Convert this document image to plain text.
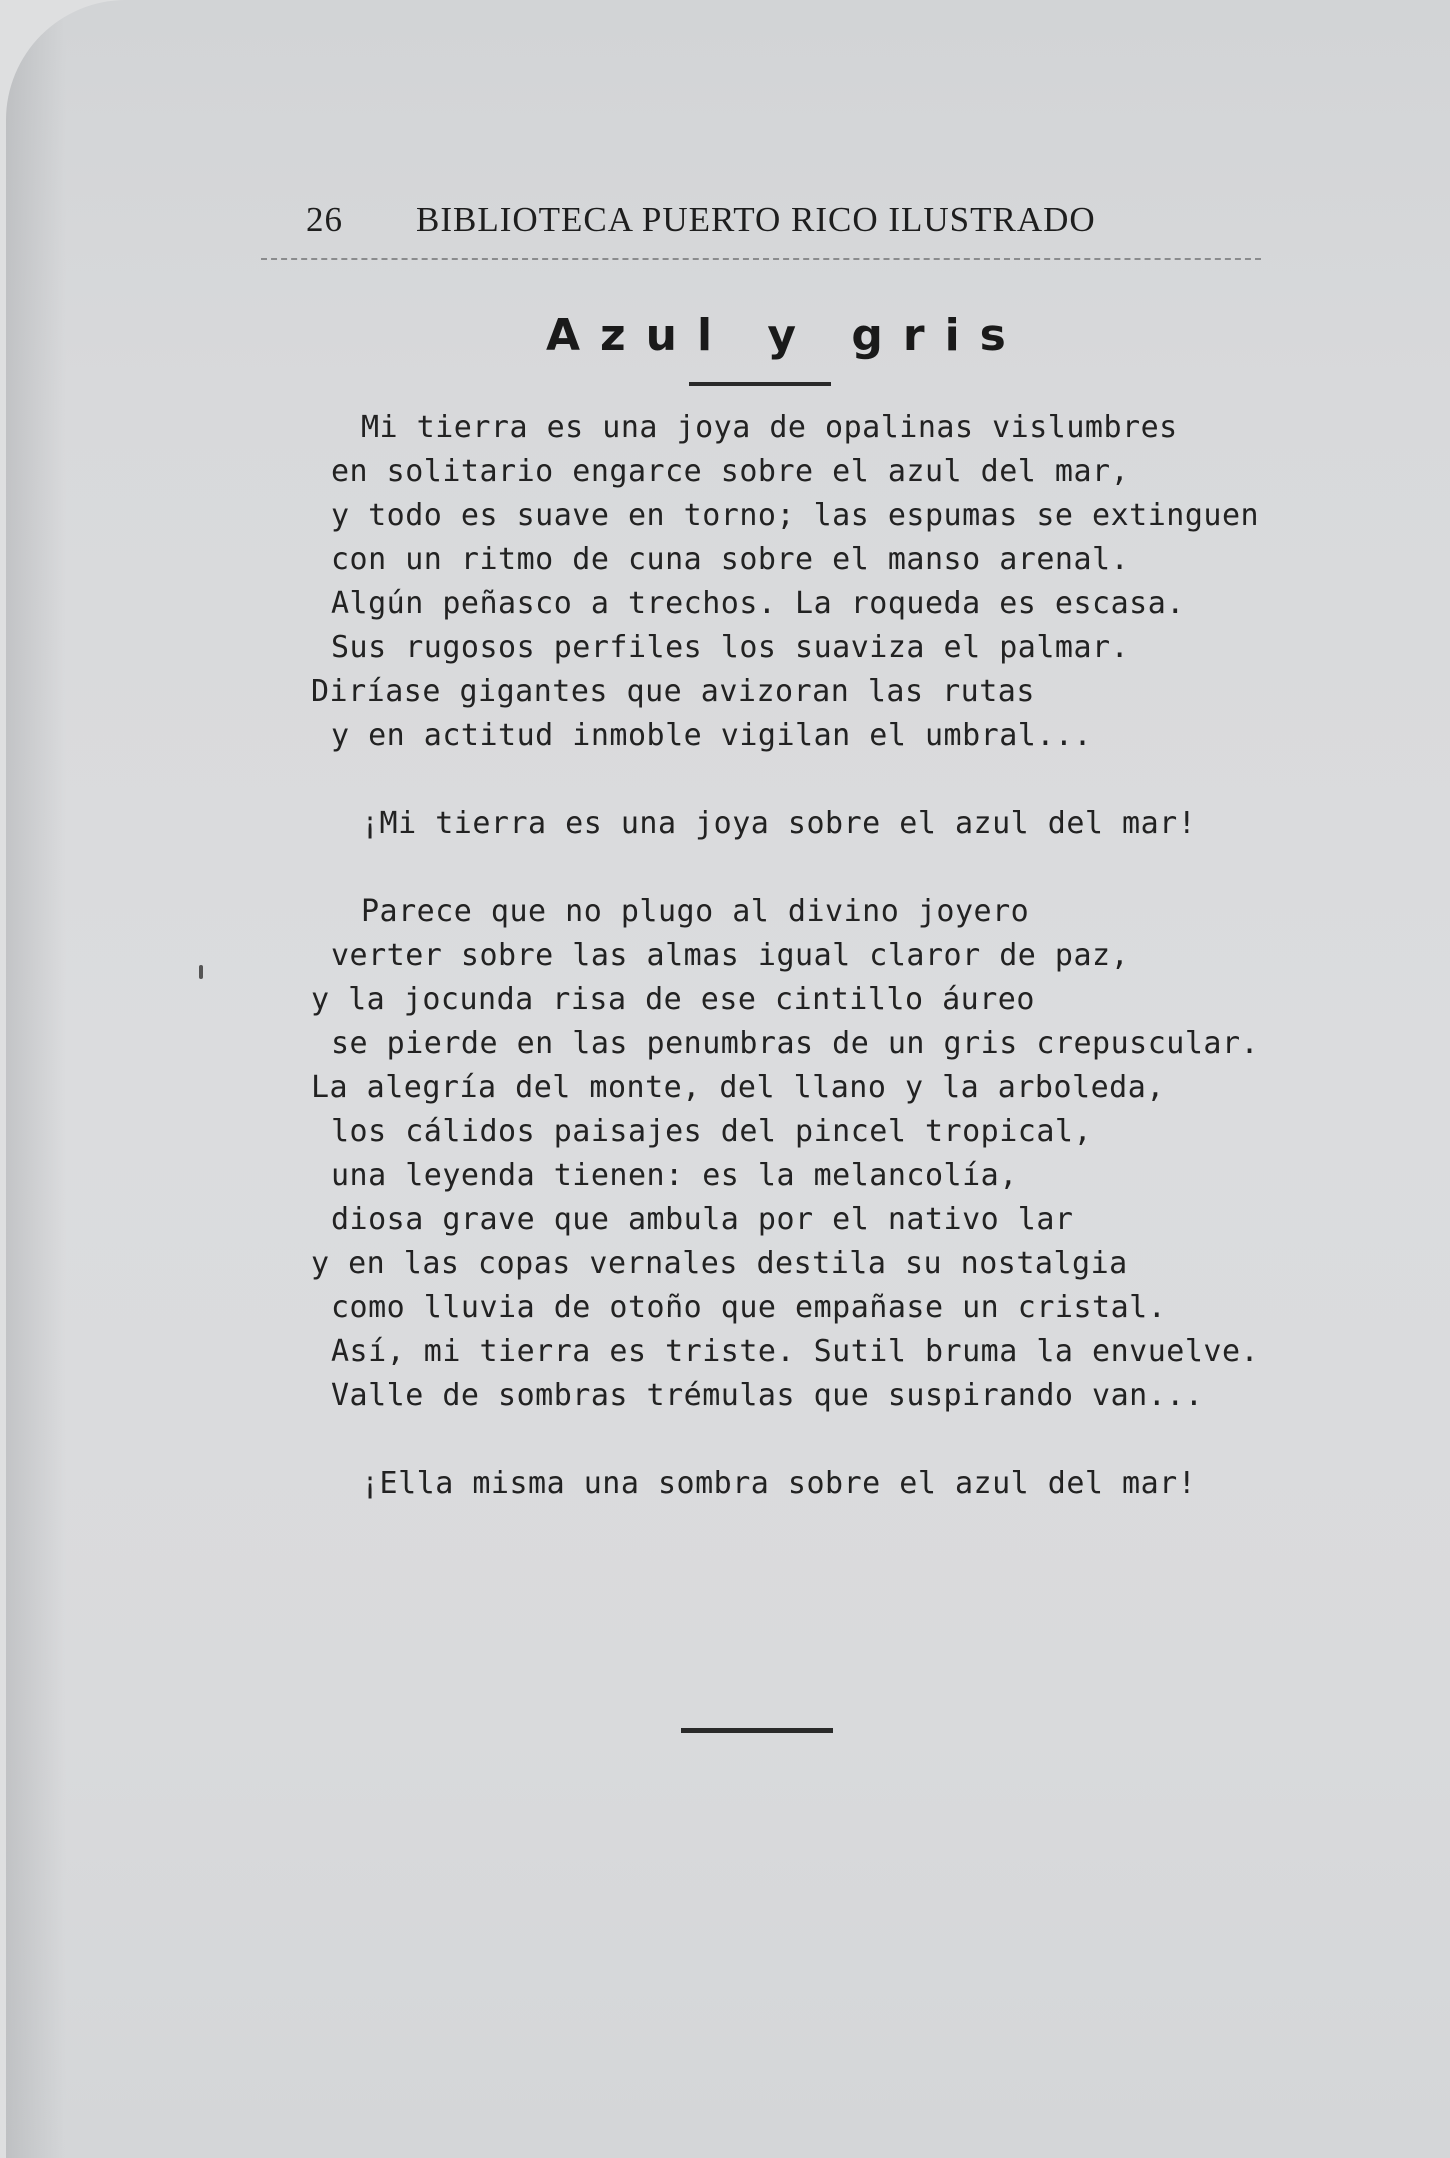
26 BIBLIOTECA PUERTO RICO ILUSTRADO
Azul y gris
Mi tierra es una joya de opalinas vislumbres
en solitario engarce sobre el azul del mar,
y todo es suave en torno; las espumas se extinguen
con un ritmo de cuna sobre el manso arenal.
Algún peñasco a trechos. La roqueda es escasa.
Sus rugosos perfiles los suaviza el palmar.
Diríase gigantes que avizoran las rutas
y en actitud inmoble vigilan el umbral...
¡Mi tierra es una joya sobre el azul del mar!
Parece que no plugo al divino joyero
verter sobre las almas igual claror de paz,
y la jocunda risa de ese cintillo áureo
se pierde en las penumbras de un gris crepuscular.
La alegría del monte, del llano y la arboleda,
los cálidos paisajes del pincel tropical,
una leyenda tienen: es la melancolía,
diosa grave que ambula por el nativo lar
y en las copas vernales destila su nostalgia
como lluvia de otoño que empañase un cristal.
Así, mi tierra es triste. Sutil bruma la envuelve.
Valle de sombras trémulas que suspirando van...
¡Ella misma una sombra sobre el azul del mar!
